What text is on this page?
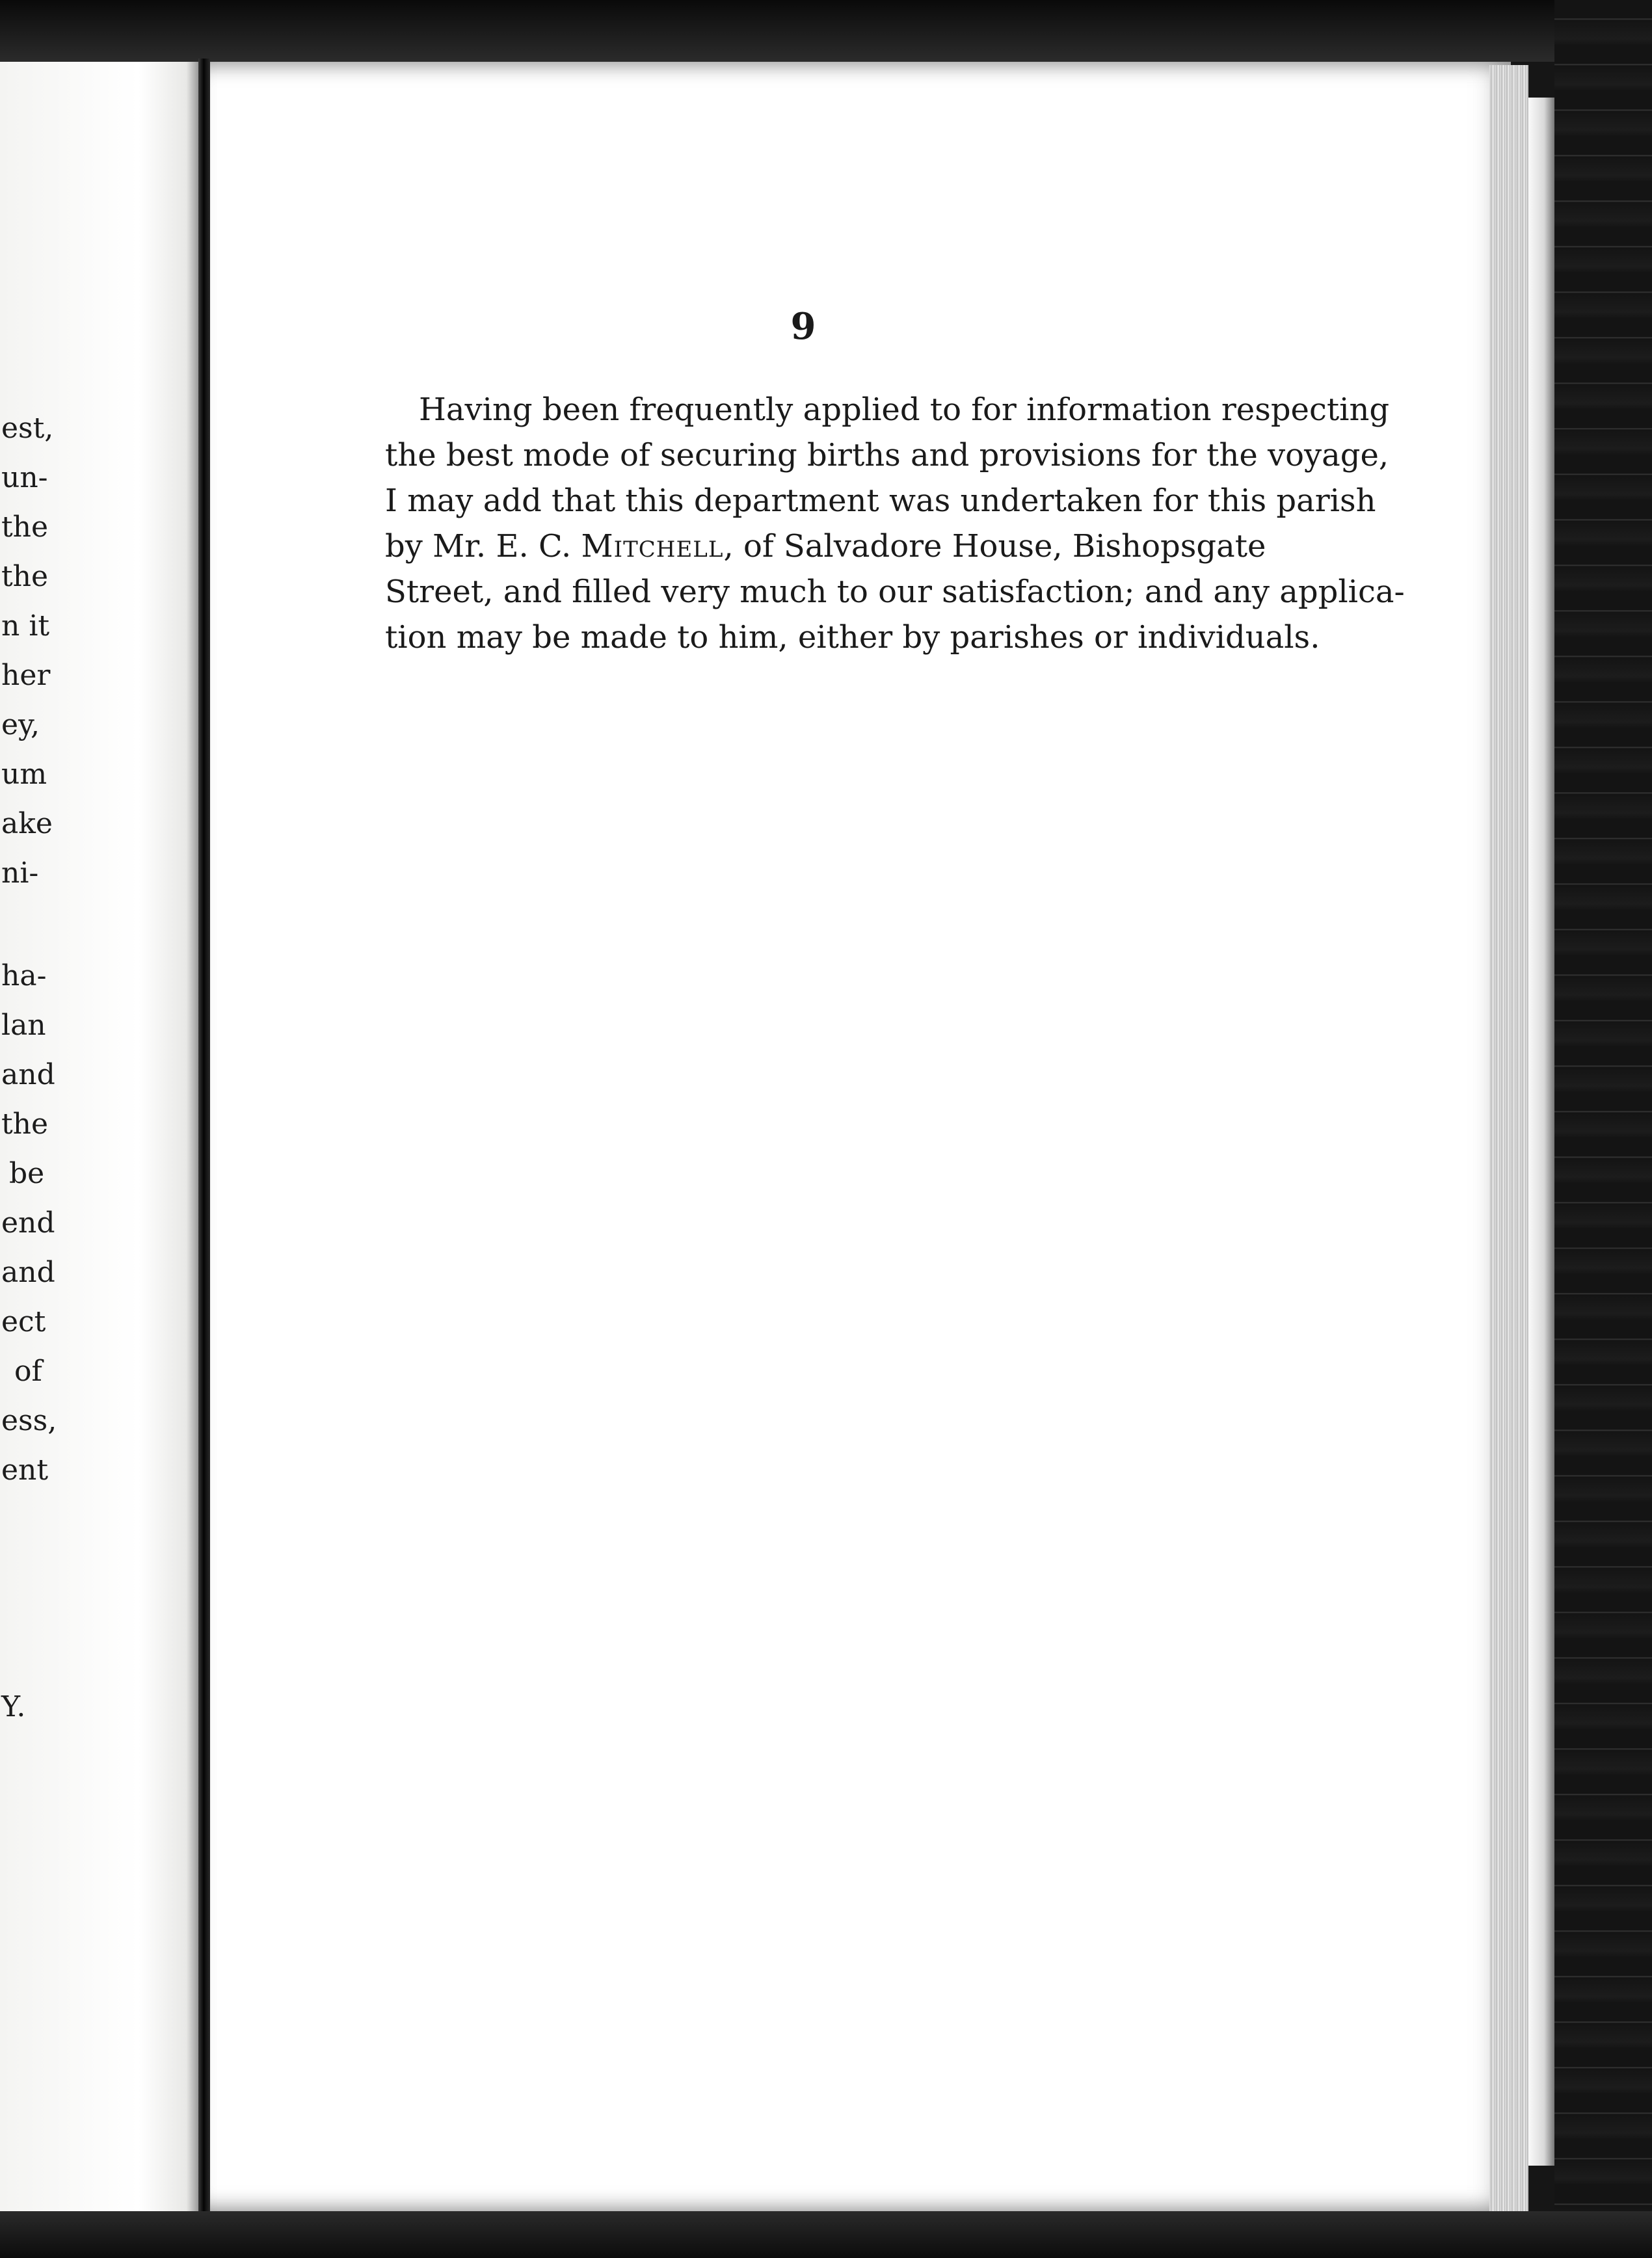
est,
un-
the
the
n it
her
ey,
um
ake
ni-
ha-
lan
and
the
be
end
and
ect
of
ess,
ent
Y.
9
Having been frequently applied to for information respecting
the best mode of securing births and provisions for the voyage,
I may add that this department was undertaken for this parish
by Mr. E. C. Mitchell , of Salvadore House, Bishopsgate
Street, and filled very much to our satisfaction; and any applica-
tion may be made to him, either by parishes or individuals.
